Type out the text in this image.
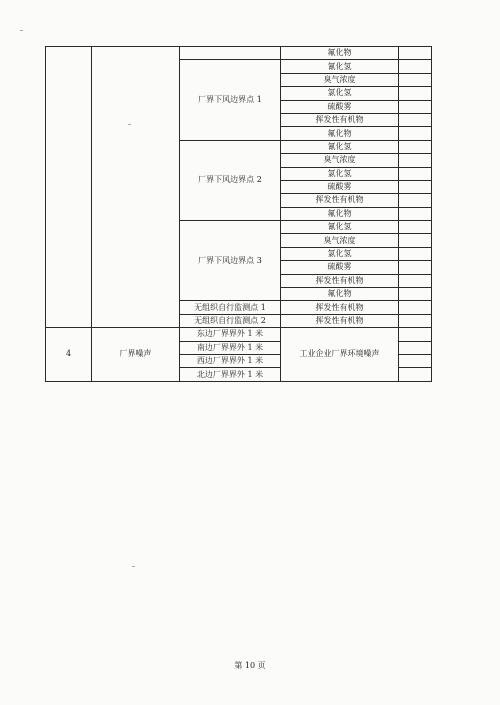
			氟化物	
		厂界下风边界点 1	氰化氢	
			臭气浓度	
			氯化氢	
			硫酸雾	
			挥发性有机物	
			氟化物	
		厂界下风边界点 2	氰化氢	
			臭气浓度	
			氯化氢	
			硫酸雾	
			挥发性有机物	
			氟化物	
		厂界下风边界点 3	氰化氢	
			臭气浓度	
			氯化氢	
			硫酸雾	
			挥发性有机物	
			氟化物	
		无组织自行监测点 1	挥发性有机物	
		无组织自行监测点 2	挥发性有机物	
4	厂界噪声	东边厂界界外 1 米	工业企业厂界环境噪声	
		南边厂界界外 1 米		
		西边厂界界外 1 米		
		北边厂界界外 1 米		
第 10 页
